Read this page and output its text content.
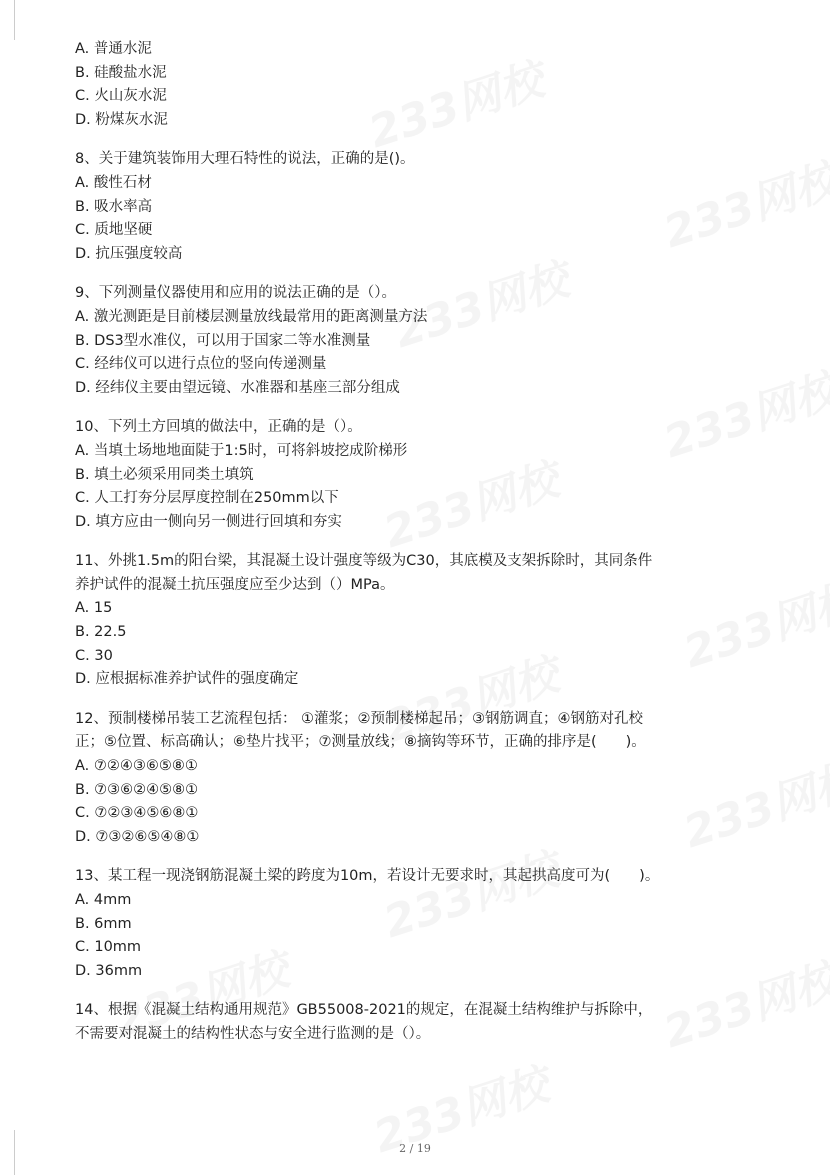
A. 普通水泥
B. 硅酸盐水泥
C. 火山灰水泥
D. 粉煤灰水泥
8、关于建筑装饰用大理石特性的说法，正确的是()。
A. 酸性石材
B. 吸水率高
C. 质地坚硬
D. 抗压强度较高
9、下列测量仪器使用和应用的说法正确的是（）。
A. 激光测距是目前楼层测量放线最常用的距离测量方法
B. DS3型水准仪，可以用于国家二等水准测量
C. 经纬仪可以进行点位的竖向传递测量
D. 经纬仪主要由望远镜、水准器和基座三部分组成
10、下列土方回填的做法中，正确的是（）。
A. 当填土场地地面陡于1:5时，可将斜坡挖成阶梯形
B. 填土必须采用同类土填筑
C. 人工打夯分层厚度控制在250mm以下
D. 填方应由一侧向另一侧进行回填和夯实
11、外挑1.5m的阳台梁，其混凝土设计强度等级为C30，其底模及支架拆除时，其同条件
养护试件的混凝土抗压强度应至少达到（）MPa。
A. 15
B. 22.5
C. 30
D. 应根据标准养护试件的强度确定
12、预制楼梯吊装工艺流程包括： ①灌浆；②预制楼梯起吊；③钢筋调直；④钢筋对孔校
正；⑤位置、标高确认；⑥垫片找平；⑦测量放线；⑧摘钩等环节，正确的排序是(　　)。
A. ⑦②④③⑥⑤⑧①
B. ⑦③⑥②④⑤⑧①
C. ⑦②③④⑤⑥⑧①
D. ⑦③②⑥⑤④⑧①
13、某工程一现浇钢筋混凝土梁的跨度为10m，若设计无要求时，其起拱高度可为(　　)。
A. 4mm
B. 6mm
C. 10mm
D. 36mm
14、根据《混凝土结构通用规范》GB55008-2021的规定，在混凝土结构维护与拆除中，
不需要对混凝土的结构性状态与安全进行监测的是（）。
2 / 19
